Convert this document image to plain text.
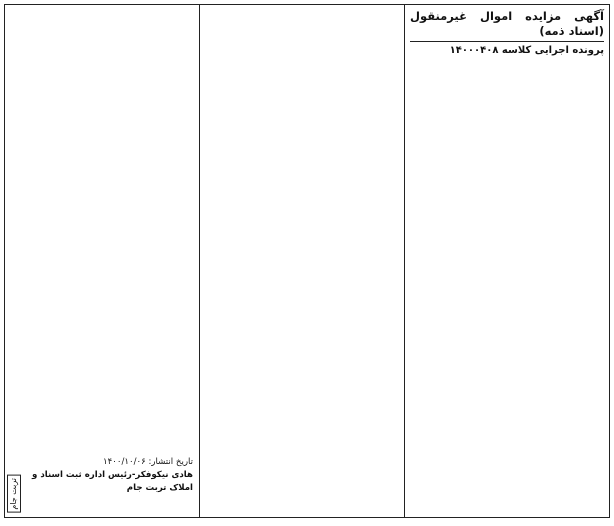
آگهی مزایده اموال غیرمنقول (اسناد ذمه)
پرونده اجرایی کلاسه ۱۴۰۰۰۴۰۸
تاریخ انتشار: ۱۴۰۰/۱۰/۰۶
هادی نیکوفکر-رئیس اداره ثبت اسناد و املاک تربت جام
تربت جام
